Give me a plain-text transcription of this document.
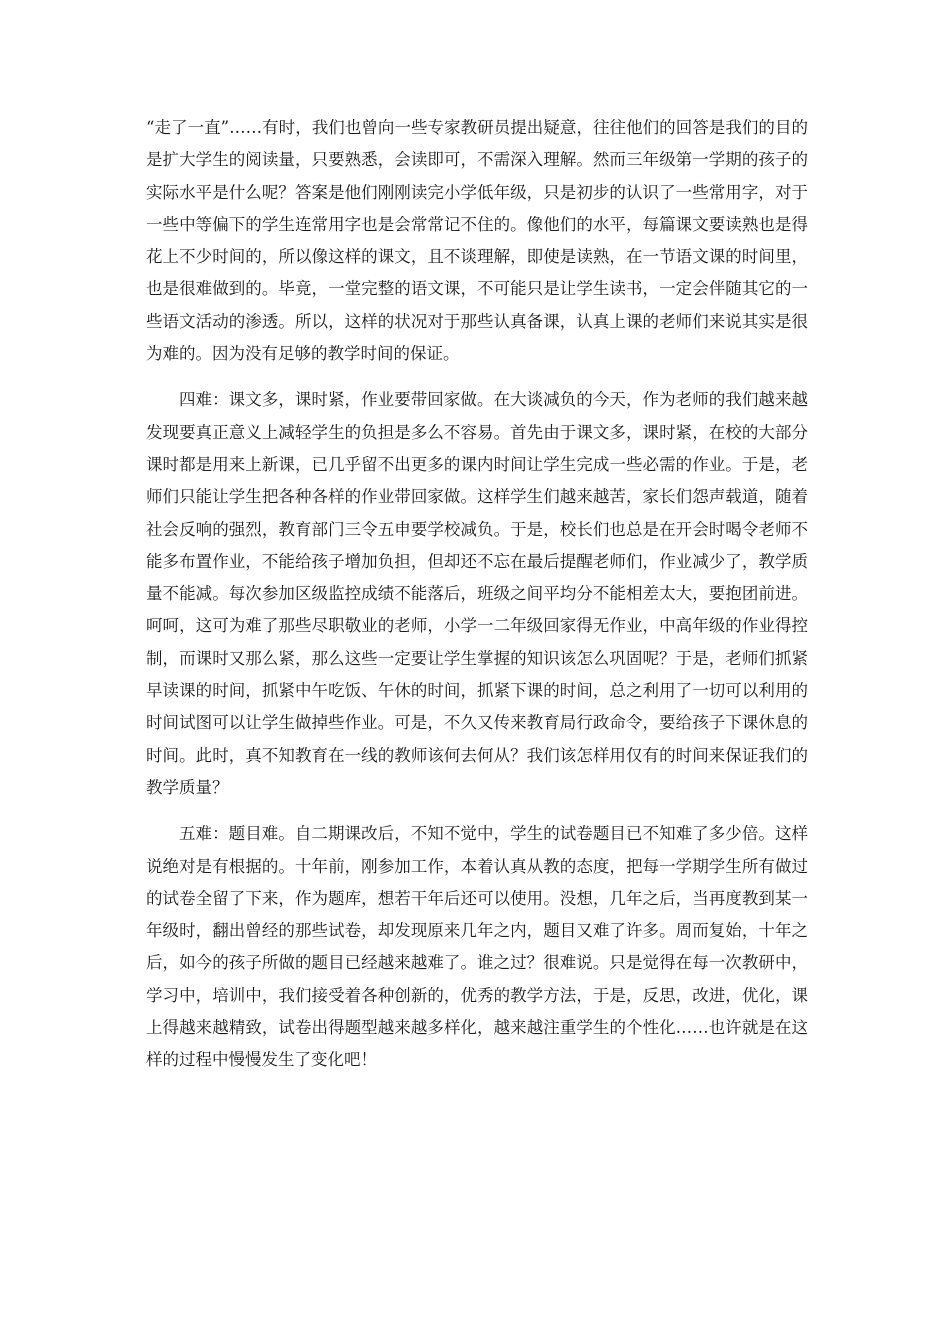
“走了一直”……有时，我们也曾向一些专家教研员提出疑意，往往他们的回答是我们的目的是扩大学生的阅读量，只要熟悉，会读即可，不需深入理解。然而三年级第一学期的孩子的实际水平是什么呢？答案是他们刚刚读完小学低年级，只是初步的认识了一些常用字，对于一些中等偏下的学生连常用字也是会常常记不住的。像他们的水平，每篇课文要读熟也是得花上不少时间的，所以像这样的课文，且不谈理解，即使是读熟，在一节语文课的时间里，也是很难做到的。毕竟，一堂完整的语文课，不可能只是让学生读书，一定会伴随其它的一些语文活动的渗透。所以，这样的状况对于那些认真备课，认真上课的老师们来说其实是很为难的。因为没有足够的教学时间的保证。

四难：课文多，课时紧，作业要带回家做。在大谈减负的今天，作为老师的我们越来越发现要真正意义上减轻学生的负担是多么不容易。首先由于课文多，课时紧，在校的大部分课时都是用来上新课，已几乎留不出更多的课内时间让学生完成一些必需的作业。于是，老师们只能让学生把各种各样的作业带回家做。这样学生们越来越苦，家长们怨声载道，随着社会反响的强烈，教育部门三令五申要学校减负。于是，校长们也总是在开会时喝令老师不能多布置作业，不能给孩子增加负担，但却还不忘在最后提醒老师们，作业减少了，教学质量不能减。每次参加区级监控成绩不能落后，班级之间平均分不能相差太大，要抱团前进。呵呵，这可为难了那些尽职敬业的老师，小学一二年级回家得无作业，中高年级的作业得控制，而课时又那么紧，那么这些一定要让学生掌握的知识该怎么巩固呢？于是，老师们抓紧早读课的时间，抓紧中午吃饭、午休的时间，抓紧下课的时间，总之利用了一切可以利用的时间试图可以让学生做掉些作业。可是，不久又传来教育局行政命令，要给孩子下课休息的时间。此时，真不知教育在一线的教师该何去何从？我们该怎样用仅有的时间来保证我们的教学质量？

五难：题目难。自二期课改后，不知不觉中，学生的试卷题目已不知难了多少倍。这样说绝对是有根据的。十年前，刚参加工作，本着认真从教的态度，把每一学期学生所有做过的试卷全留了下来，作为题库，想若干年后还可以使用。没想，几年之后，当再度教到某一年级时，翻出曾经的那些试卷，却发现原来几年之内，题目又难了许多。周而复始，十年之后，如今的孩子所做的题目已经越来越难了。谁之过？很难说。只是觉得在每一次教研中，学习中，培训中，我们接受着各种创新的，优秀的教学方法，于是，反思，改进，优化，课上得越来越精致，试卷出得题型越来越多样化，越来越注重学生的个性化……也许就是在这样的过程中慢慢发生了变化吧！
